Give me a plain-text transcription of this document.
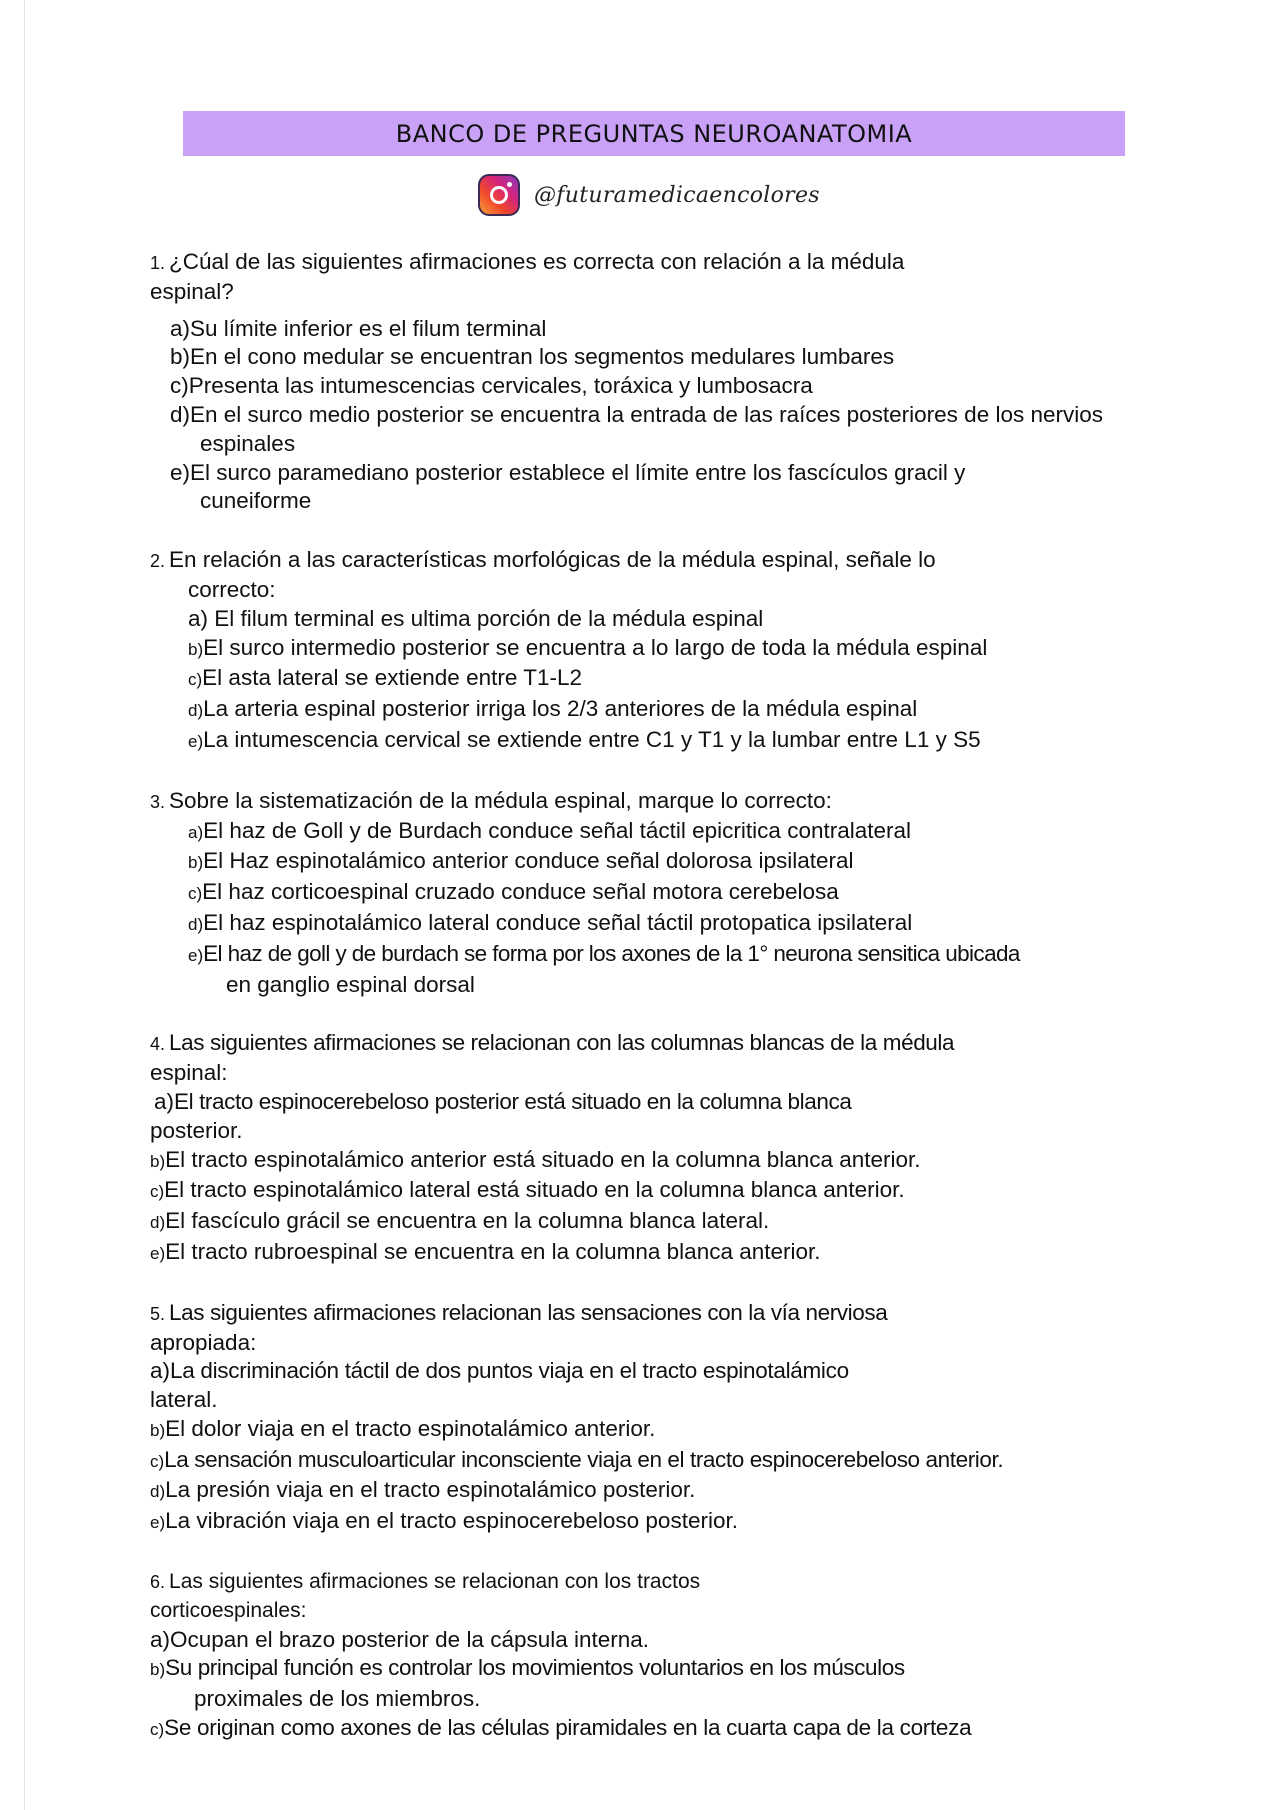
BANCO DE PREGUNTAS NEUROANATOMIA
@futuramedicaencolores

1. ¿Cúal de las siguientes afirmaciones es correcta con relación a la médula
espinal?

a)Su límite inferior es el filum terminal
b)En el cono medular se encuentran los segmentos medulares lumbares
c)Presenta las intumescencias cervicales, toráxica y lumbosacra
d)En el surco medio posterior se encuentra la entrada de las raíces posteriores de los nervios
espinales
e)El surco paramediano posterior establece el límite entre los fascículos gracil y
cuneiforme

2. En relación a las características morfológicas de la médula espinal, señale lo
correcto:

a) El filum terminal es ultima porción de la médula espinal
b)El surco intermedio posterior se encuentra a lo largo de toda la médula espinal
c)El asta lateral se extiende entre T1-L2
d)La arteria espinal posterior irriga los 2/3 anteriores de la médula espinal
e)La intumescencia cervical se extiende entre C1 y T1 y la lumbar entre L1 y S5

3. Sobre la sistematización de la médula espinal, marque lo correcto:

a)El haz de Goll y de Burdach conduce señal táctil epicritica contralateral
b)El Haz espinotalámico anterior conduce señal dolorosa ipsilateral
c)El haz corticoespinal cruzado conduce señal motora cerebelosa
d)El haz espinotalámico lateral conduce señal táctil protopatica ipsilateral
e)El haz de goll y de burdach se forma por los axones de la 1° neurona sensitica ubicada
en ganglio espinal dorsal

4. Las siguientes afirmaciones se relacionan con las columnas blancas de la médula
espinal:

a)El tracto espinocerebeloso posterior está situado en la columna blanca
posterior.
b)El tracto espinotalámico anterior está situado en la columna blanca anterior.
c)El tracto espinotalámico lateral está situado en la columna blanca anterior.
d)El fascículo grácil se encuentra en la columna blanca lateral.
e)El tracto rubroespinal se encuentra en la columna blanca anterior.

5. Las siguientes afirmaciones relacionan las sensaciones con la vía nerviosa
apropiada:

a)La discriminación táctil de dos puntos viaja en el tracto espinotalámico
lateral.
b)El dolor viaja en el tracto espinotalámico anterior.
c)La sensación musculoarticular inconsciente viaja en el tracto espinocerebeloso anterior.
d)La presión viaja en el tracto espinotalámico posterior.
e)La vibración viaja en el tracto espinocerebeloso posterior.

6. Las siguientes afirmaciones se relacionan con los tractos
corticoespinales:

a)Ocupan el brazo posterior de la cápsula interna.
b)Su principal función es controlar los movimientos voluntarios en los músculos
proximales de los miembros.
c)Se originan como axones de las células piramidales en la cuarta capa de la corteza
